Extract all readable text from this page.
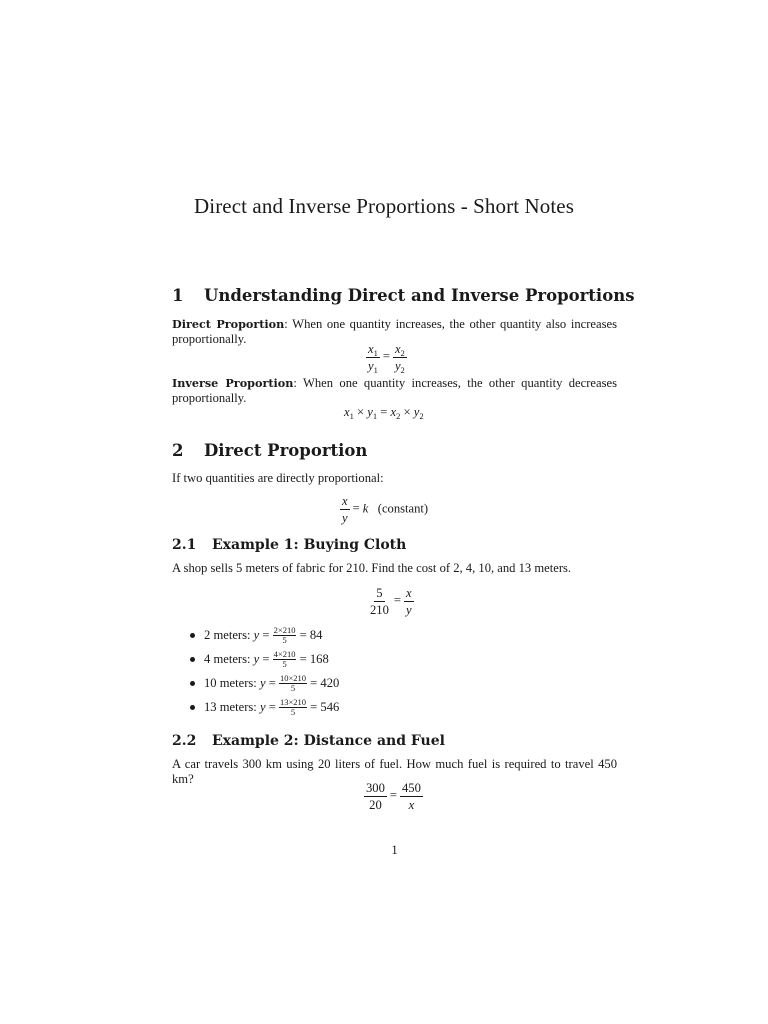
Direct and Inverse Proportions - Short Notes
1 Understanding Direct and Inverse Proportions
Direct Proportion: When one quantity increases, the other quantity also increases proportionally.
$\frac{x_1}{y_1} = \frac{x_2}{y_2}$
Inverse Proportion: When one quantity increases, the other quantity decreases proportionally.
$x_1 \times y_1 = x_2 \times y_2$
2 Direct Proportion
If two quantities are directly proportional:
$\frac{x}{y} = k$ (constant)
2.1 Example 1: Buying Cloth
A shop sells 5 meters of fabric for 210. Find the cost of 2, 4, 10, and 13 meters.
$\frac{5}{210} = \frac{x}{y}$
2 meters:
$y = \frac{2\times 210}{5} = 84$
4 meters:
$y = \frac{4\times 210}{5} = 168$
10 meters:
$y = \frac{10\times 210}{5} = 420$
13 meters:
$y = \frac{13\times 210}{5} = 546$
2.2 Example 2: Distance and Fuel
A car travels 300 km using 20 liters of fuel. How much fuel is required to travel 450 km?
$\frac{300}{20} = \frac{450}{x}$
1
